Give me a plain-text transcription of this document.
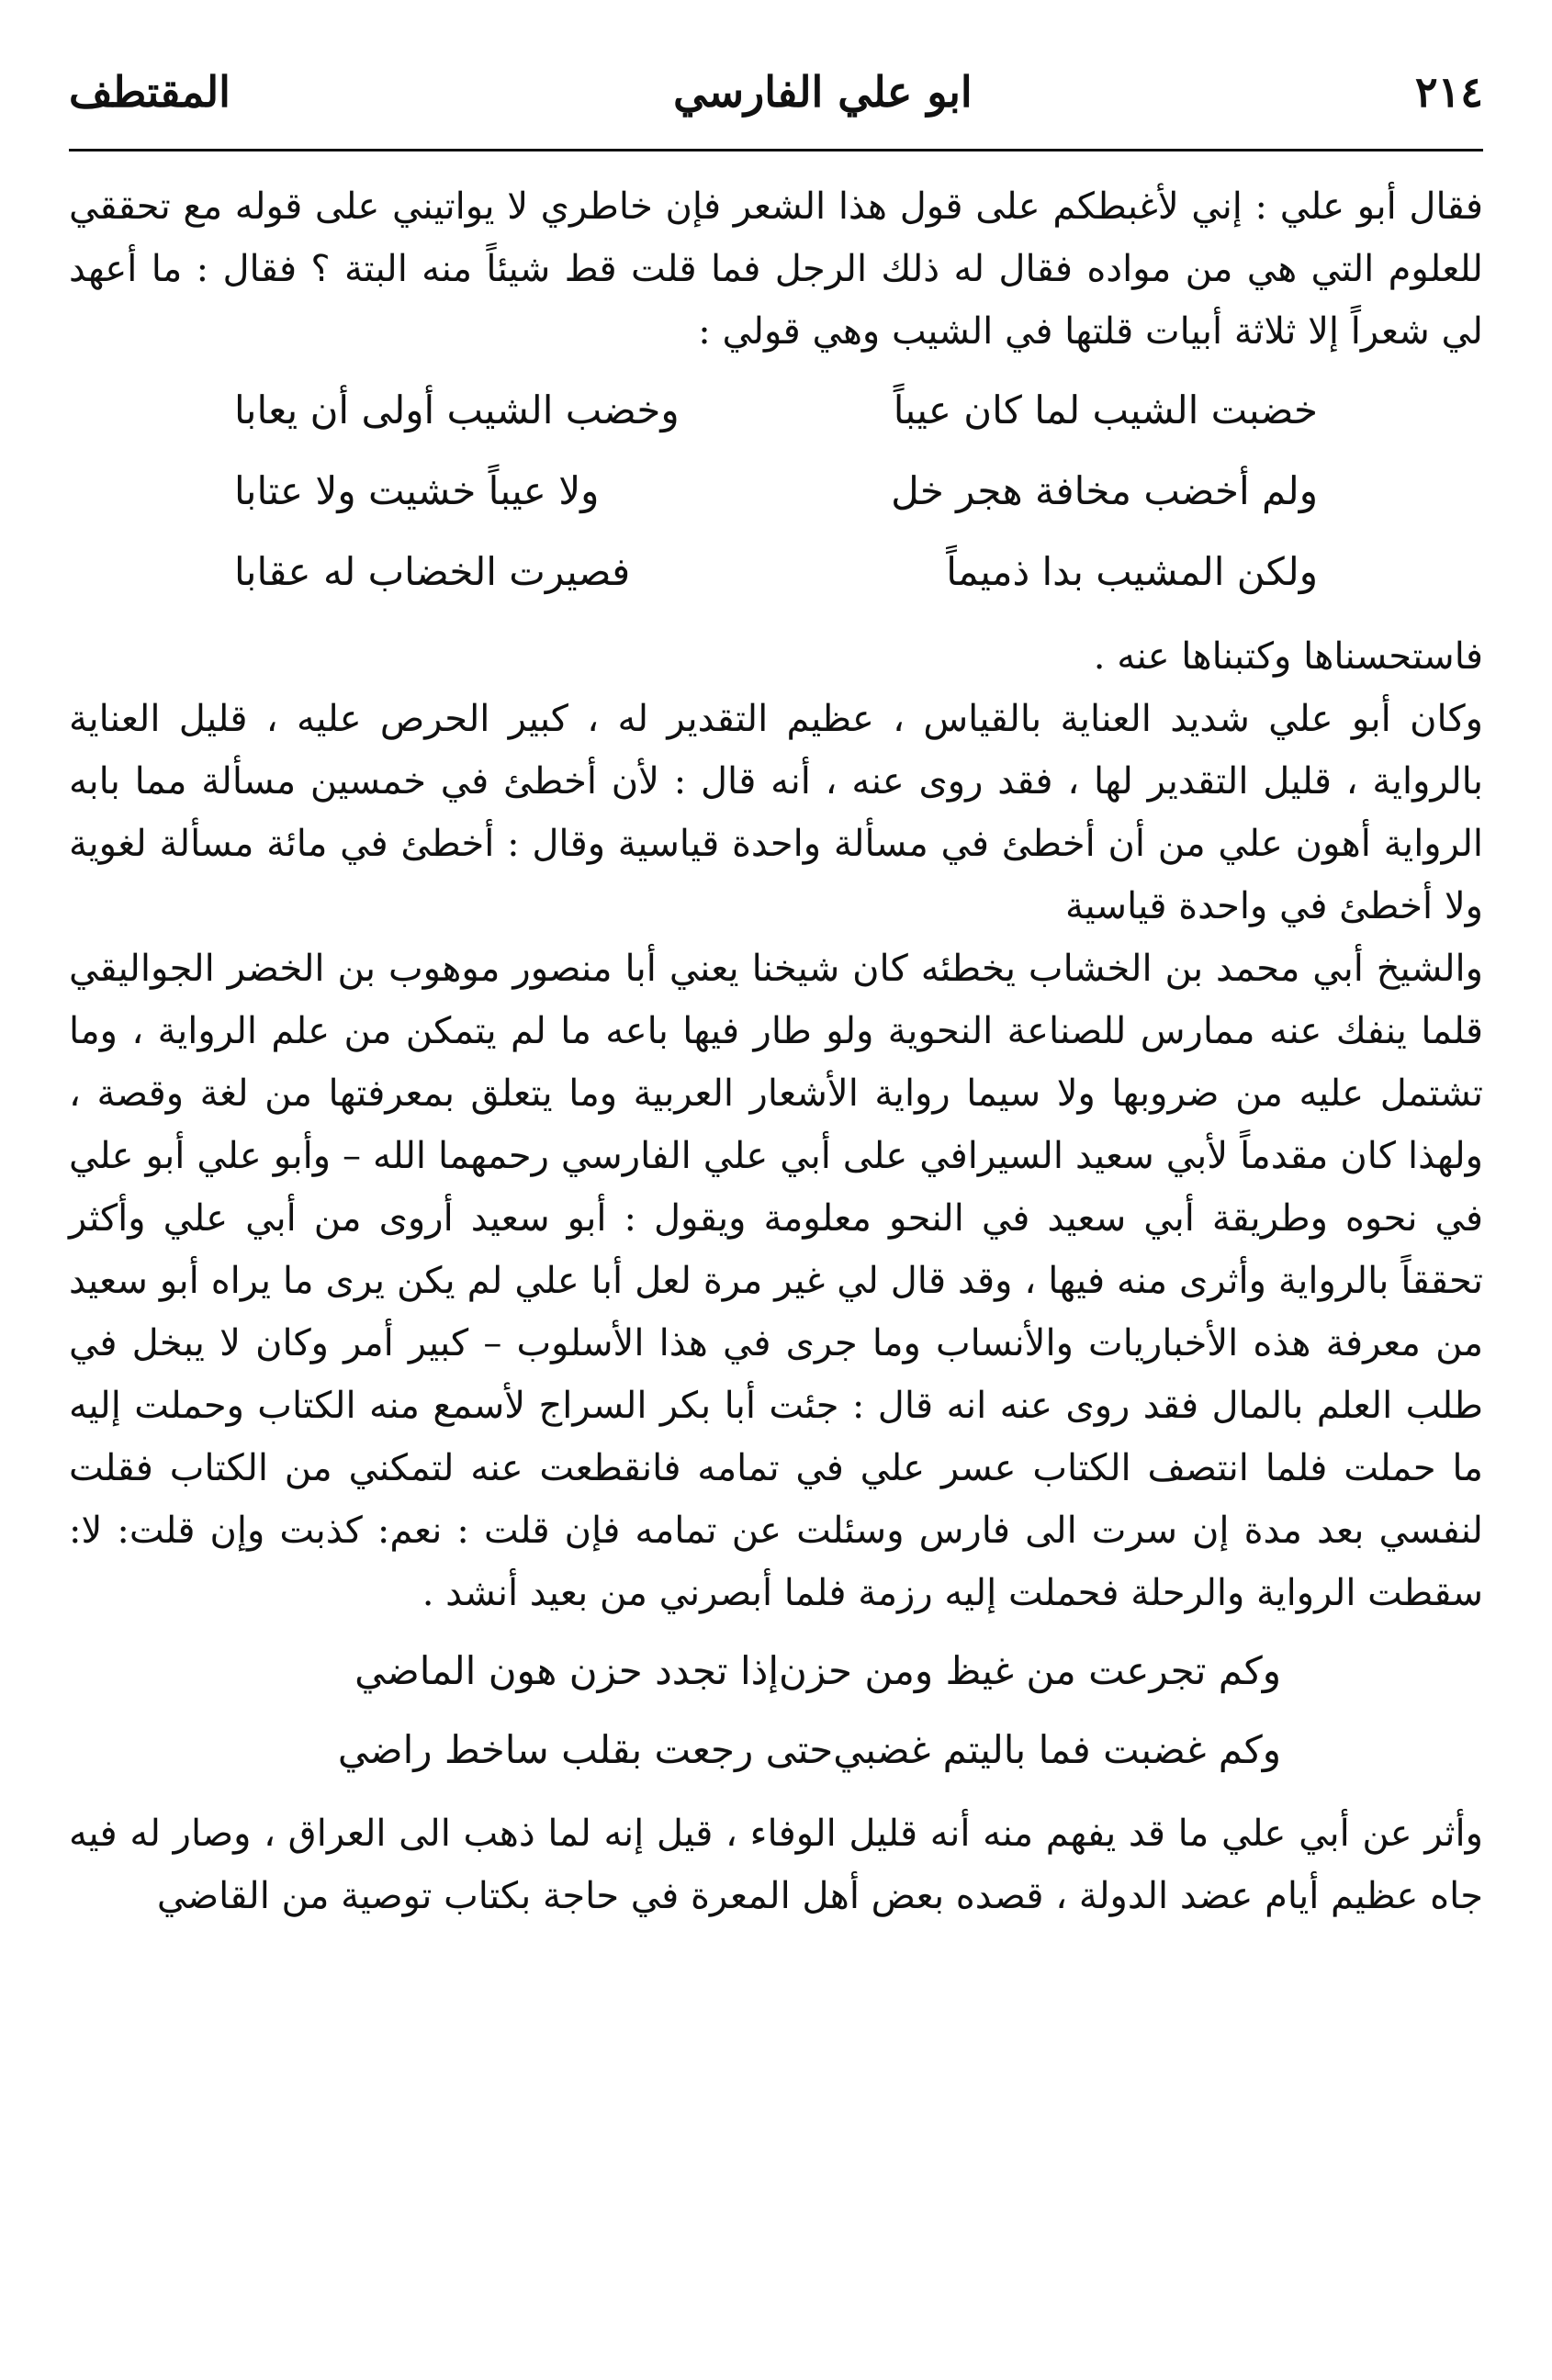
٢١٤
ابو علي الفارسي
المقتطف

فقال أبو علي : إني لأغبطكم على قول هذا الشعر فإن خاطري لا يواتيني على قوله مع تحققي للعلوم التي هي من مواده فقال له ذلك الرجل فما قلت قط شيئاً منه البتة ؟ فقال : ما أعهد لي شعراً إلا ثلاثة أبيات قلتها في الشيب وهي قولي :

خضبت الشيب لما كان عيباً
وخضب الشيب أولى أن يعابا
ولم أخضب مخافة هجر خل
ولا عيباً خشيت ولا عتابا
ولكن المشيب بدا ذميماً
فصيرت الخضاب له عقابا

فاستحسناها وكتبناها عنه .

وكان أبو علي شديد العناية بالقياس ، عظيم التقدير له ، كبير الحرص عليه ، قليل العناية بالرواية ، قليل التقدير لها ، فقد روى عنه ، أنه قال : لأن أخطئ في خمسين مسألة مما بابه الرواية أهون علي من أن أخطئ في مسألة واحدة قياسية وقال : أخطئ في مائة مسألة لغوية ولا أخطئ في واحدة قياسية

والشيخ أبي محمد بن الخشاب يخطئه كان شيخنا يعني أبا منصور موهوب بن الخضر الجواليقي قلما ينفك عنه ممارس للصناعة النحوية ولو طار فيها باعه ما لم يتمكن من علم الرواية ، وما تشتمل عليه من ضروبها ولا سيما رواية الأشعار العربية وما يتعلق بمعرفتها من لغة وقصة ، ولهذا كان مقدماً لأبي سعيد السيرافي على أبي علي الفارسي رحمهما الله – وأبو علي أبو علي في نحوه وطريقة أبي سعيد في النحو معلومة ويقول : أبو سعيد أروى من أبي علي وأكثر تحققاً بالرواية وأثرى منه فيها ، وقد قال لي غير مرة لعل أبا علي لم يكن يرى ما يراه أبو سعيد من معرفة هذه الأخباريات والأنساب وما جرى في هذا الأسلوب – كبير أمر وكان لا يبخل في طلب العلم بالمال فقد روى عنه انه قال : جئت أبا بكر السراج لأسمع منه الكتاب وحملت إليه ما حملت فلما انتصف الكتاب عسر علي في تمامه فانقطعت عنه لتمكني من الكتاب فقلت لنفسي بعد مدة إن سرت الى فارس وسئلت عن تمامه فإن قلت : نعم: كذبت وإن قلت: لا: سقطت الرواية والرحلة فحملت إليه رزمة فلما أبصرني من بعيد أنشد .

وكم تجرعت من غيظ ومن حزن
إذا تجدد حزن هون الماضي
وكم غضبت فما باليتم غضبي
حتى رجعت بقلب ساخط راضي

وأثر عن أبي علي ما قد يفهم منه أنه قليل الوفاء ، قيل إنه لما ذهب الى العراق ، وصار له فيه جاه عظيم أيام عضد الدولة ، قصده بعض أهل المعرة في حاجة بكتاب توصية من القاضي
